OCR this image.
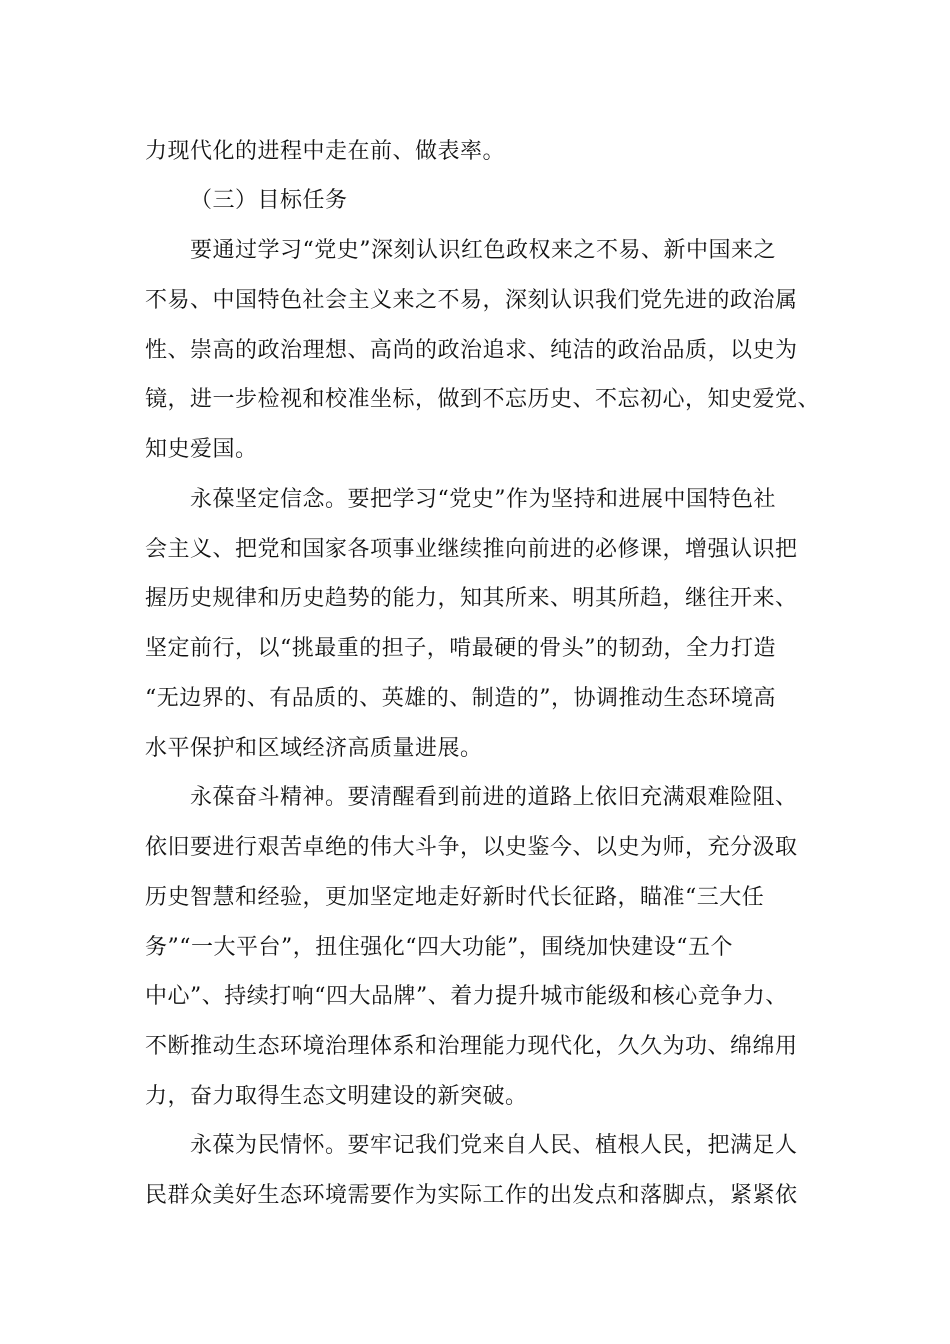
力现代化的进程中走在前、做表率。
（三）目标任务
要通过学习“党史”深刻认识红色政权来之不易、新中国来之
不易、中国特色社会主义来之不易，深刻认识我们党先进的政治属
性、崇高的政治理想、高尚的政治追求、纯洁的政治品质，以史为
镜，进一步检视和校准坐标，做到不忘历史、不忘初心，知史爱党、
知史爱国。
永葆坚定信念。要把学习“党史”作为坚持和进展中国特色社
会主义、把党和国家各项事业继续推向前进的必修课，增强认识把
握历史规律和历史趋势的能力，知其所来、明其所趋，继往开来、
坚定前行，以“挑最重的担子，啃最硬的骨头”的韧劲，全力打造
“无边界的、有品质的、英雄的、制造的”，协调推动生态环境高
水平保护和区域经济高质量进展。
永葆奋斗精神。要清醒看到前进的道路上依旧充满艰难险阻、
依旧要进行艰苦卓绝的伟大斗争，以史鉴今、以史为师，充分汲取
历史智慧和经验，更加坚定地走好新时代长征路，瞄准“三大任
务”“一大平台”，扭住强化“四大功能”，围绕加快建设“五个
中心”、持续打响“四大品牌”、着力提升城市能级和核心竞争力、
不断推动生态环境治理体系和治理能力现代化，久久为功、绵绵用
力，奋力取得生态文明建设的新突破。
永葆为民情怀。要牢记我们党来自人民、植根人民，把满足人
民群众美好生态环境需要作为实际工作的出发点和落脚点，紧紧依
